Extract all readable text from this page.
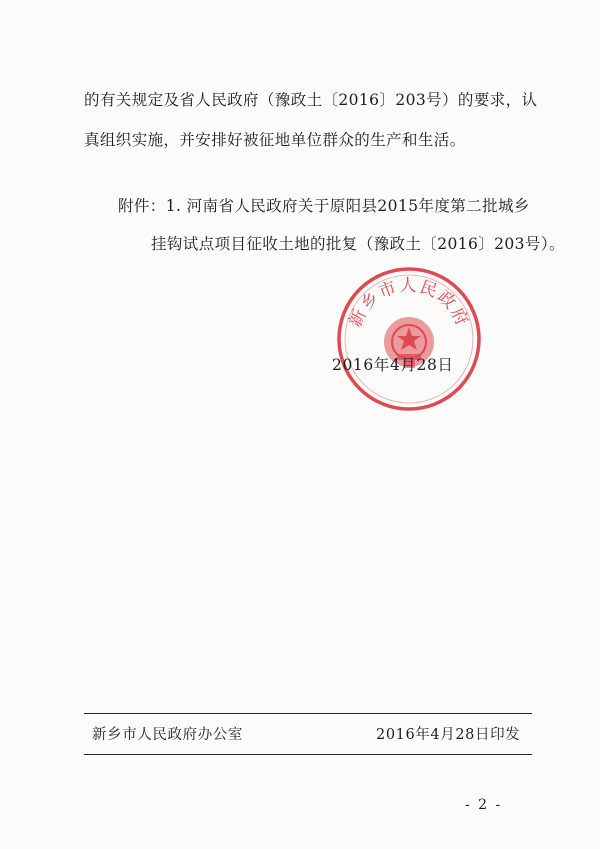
的有关规定及省人民政府（豫政土〔2016〕203号）的要求，认
真组织实施，并安排好被征地单位群众的生产和生活。
附件：1. 河南省人民政府关于原阳县2015年度第二批城乡
挂钩试点项目征收土地的批复（豫政土〔2016〕203号）。
新乡市人民政府
2016年4月28日
新乡市人民政府办公室	2016年4月28日印发
- 2 -
